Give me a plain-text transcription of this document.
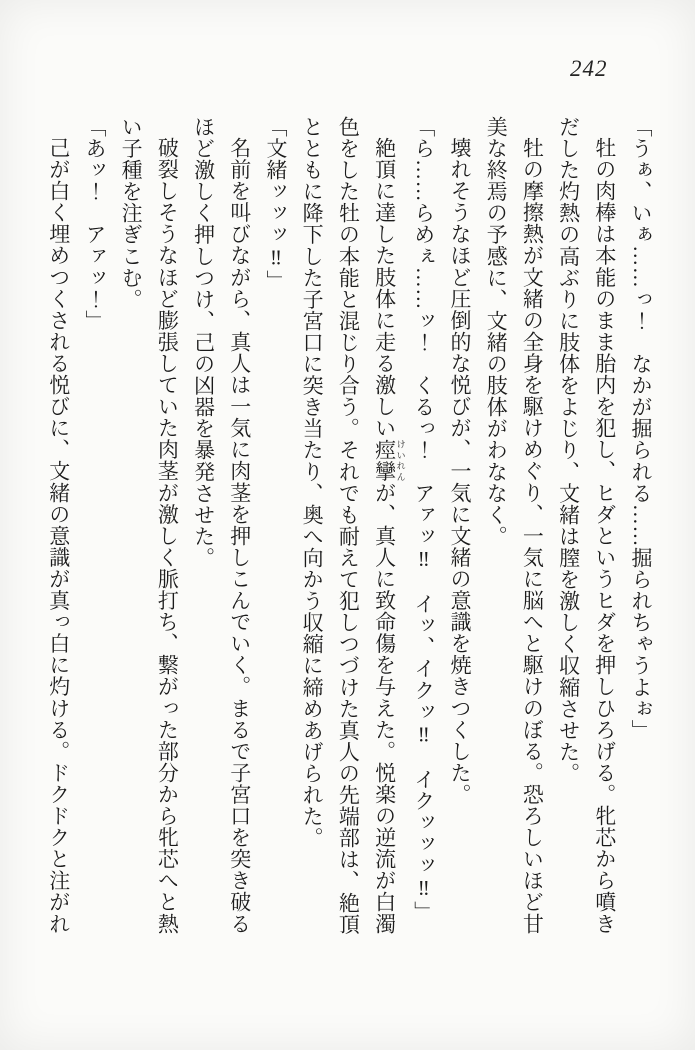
242

「うぁ、いぁ……っ！　なかが掘られる……掘られちゃうよぉ」

牡の肉棒は本能のまま胎内を犯し、ヒダというヒダを押しひろげる。牝芯から噴きだした灼熱の高ぶりに肢体をよじり、文緒は膣を激しく収縮させた。

牡の摩擦熱が文緒の全身を駆けめぐり、一気に脳へと駆けのぼる。恐ろしいほど甘美な終焉の予感に、文緒の肢体がわななく。

壊れそうなほど圧倒的な悦びが、一気に文緒の意識を焼きつくした。

「ら……らめぇ……ッ！　くるっ！　アァッ‼　イッ、イクッ‼　イクッッッ‼」

絶頂に達した肢体に走る激しい痙攣 けいれんが、真人に致命傷を与えた。悦楽の逆流が白濁色をした牡の本能と混じり合う。それでも耐えて犯しつづけた真人の先端部は、絶頂とともに降下した子宮口に突き当たり、奥へ向かう収縮に締めあげられた。

「文緒ッッッ‼」

名前を叫びながら、真人は一気に肉茎を押しこんでいく。まるで子宮口を突き破るほど激しく押しつけ、己の凶器を暴発させた。

破裂しそうなほど膨張していた肉茎が激しく脈打ち、繋がった部分から牝芯へと熱い子種を注ぎこむ。

「あッ！　アァッ！」

己が白く埋めつくされる悦びに、文緒の意識が真っ白に灼ける。ドクドクと注がれ
